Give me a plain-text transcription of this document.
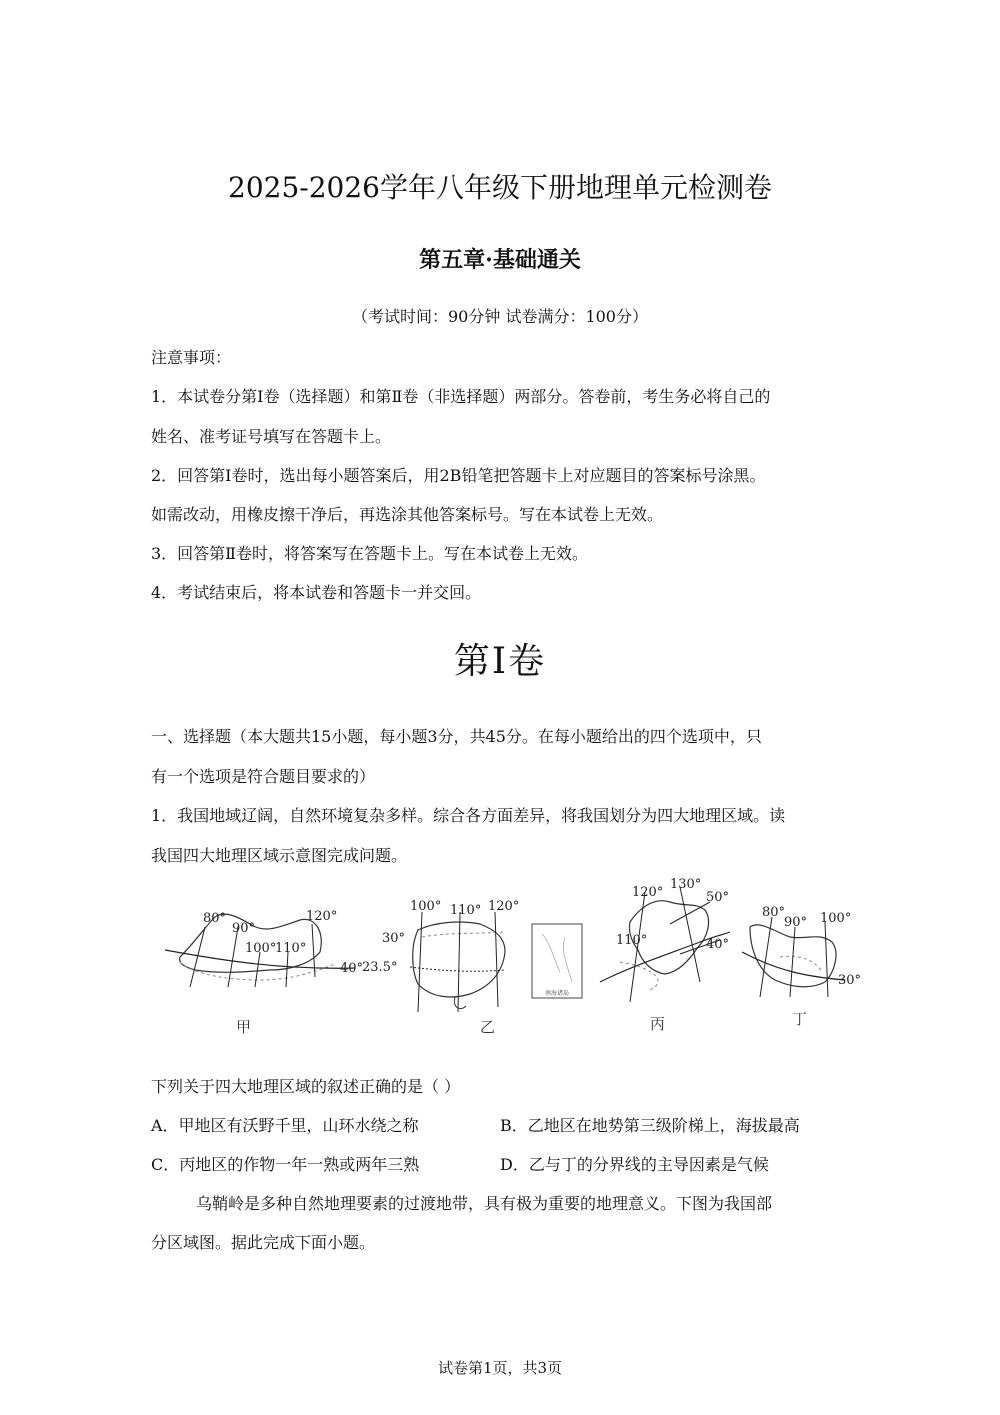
2025-2026学年八年级下册地理单元检测卷
第五章·基础通关
（考试时间：90分钟 试卷满分：100分）
注意事项：
1．本试卷分第Ⅰ卷（选择题）和第Ⅱ卷（非选择题）两部分。答卷前，考生务必将自己的
姓名、准考证号填写在答题卡上。
2．回答第Ⅰ卷时，选出每小题答案后，用2B铅笔把答题卡上对应题目的答案标号涂黑。
如需改动，用橡皮擦干净后，再选涂其他答案标号。写在本试卷上无效。
3．回答第Ⅱ卷时，将答案写在答题卡上。写在本试卷上无效。
4．考试结束后，将本试卷和答题卡一并交回。
第Ⅰ卷
一、选择题（本大题共15小题，每小题3分，共45分。在每小题给出的四个选项中，只
有一个选项是符合题目要求的）
1．我国地域辽阔，自然环境复杂多样。综合各方面差异，将我国划分为四大地理区域。读
我国四大地理区域示意图完成问题。
80°
90°
100°
110°
120°
40°
甲
100° 110° 120°
30°
23.5°
南海诸岛
乙
120°
130°
50°
110°	40°
丙
80°
90° 100°
30°
丁
下列关于四大地理区域的叙述正确的是（ ）
A．甲地区有沃野千里，山环水绕之称	B．乙地区在地势第三级阶梯上，海拔最高
C．丙地区的作物一年一熟或两年三熟	D．乙与丁的分界线的主导因素是气候
乌鞘岭是多种自然地理要素的过渡地带，具有极为重要的地理意义。下图为我国部
分区域图。据此完成下面小题。
试卷第1页，共3页
